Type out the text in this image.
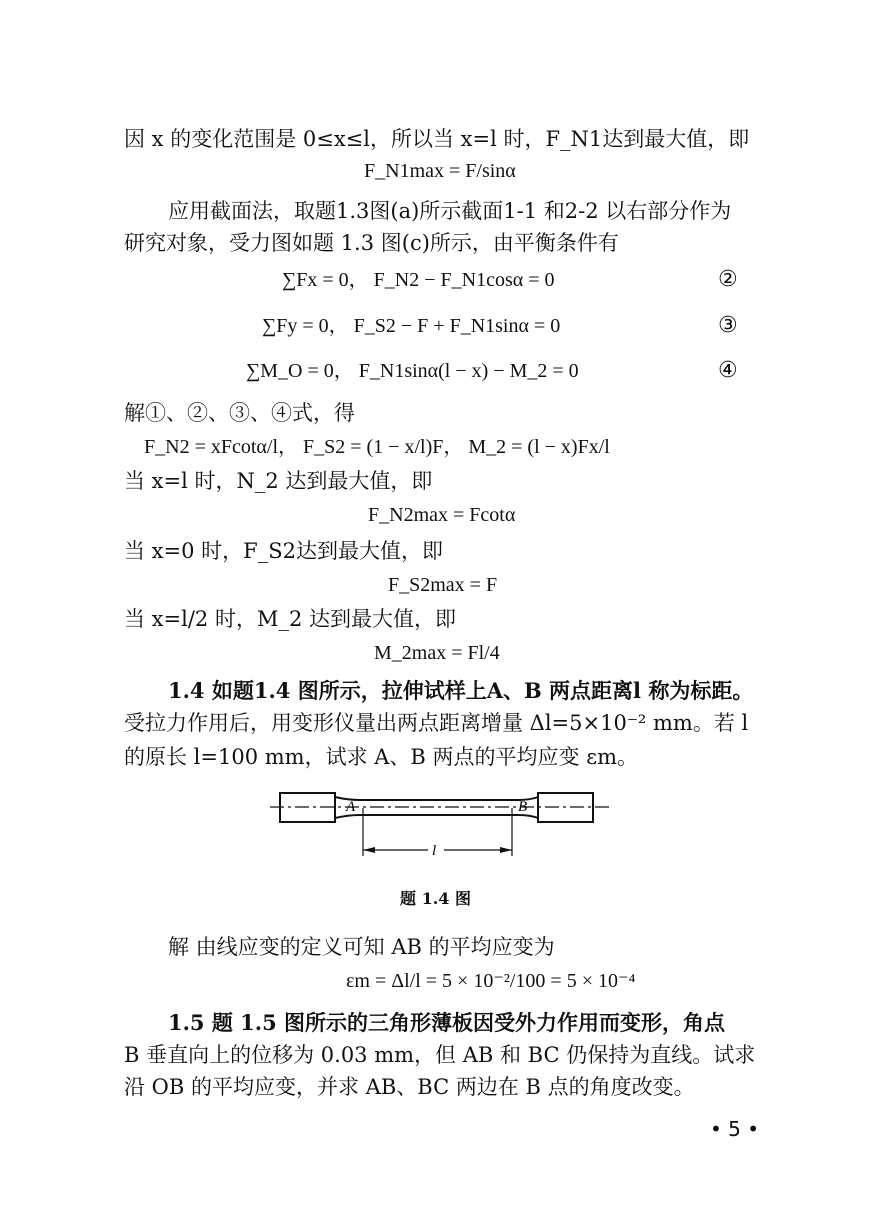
因 x 的变化范围是 0≤x≤l，所以当 x=l 时，F_N1达到最大值，即
F_N1max = F/sinα
应用截面法，取题1.3图(a)所示截面1-1 和2-2 以右部分作为
研究对象，受力图如题 1.3 图(c)所示，由平衡条件有
∑Fx = 0， F_N2 − F_N1cosα = 0	②
∑Fy = 0， F_S2 − F + F_N1sinα = 0	③
∑M_O = 0， F_N1sinα(l − x) − M_2 = 0	④
解①、②、③、④式，得
F_N2 = xFcotα/l， F_S2 = (1 − x/l)F， M_2 = (l − x)Fx/l
当 x=l 时，N_2 达到最大值，即
F_N2max = Fcotα
当 x=0 时，F_S2达到最大值，即
F_S2max = F
当 x=l/2 时，M_2 达到最大值，即
M_2max = Fl/4
1.4 如题1.4 图所示，拉伸试样上A、B 两点距离l 称为标距。
受拉力作用后，用变形仪量出两点距离增量 Δl=5×10⁻² mm。若 l
的原长 l=100 mm，试求 A、B 两点的平均应变 εm。
A	B
l
题 1.4 图
解 由线应变的定义可知 AB 的平均应变为
εm = Δl/l = 5 × 10⁻²/100 = 5 × 10⁻⁴
1.5 题 1.5 图所示的三角形薄板因受外力作用而变形，角点
B 垂直向上的位移为 0.03 mm，但 AB 和 BC 仍保持为直线。试求
沿 OB 的平均应变，并求 AB、BC 两边在 B 点的角度改变。
• 5 •
